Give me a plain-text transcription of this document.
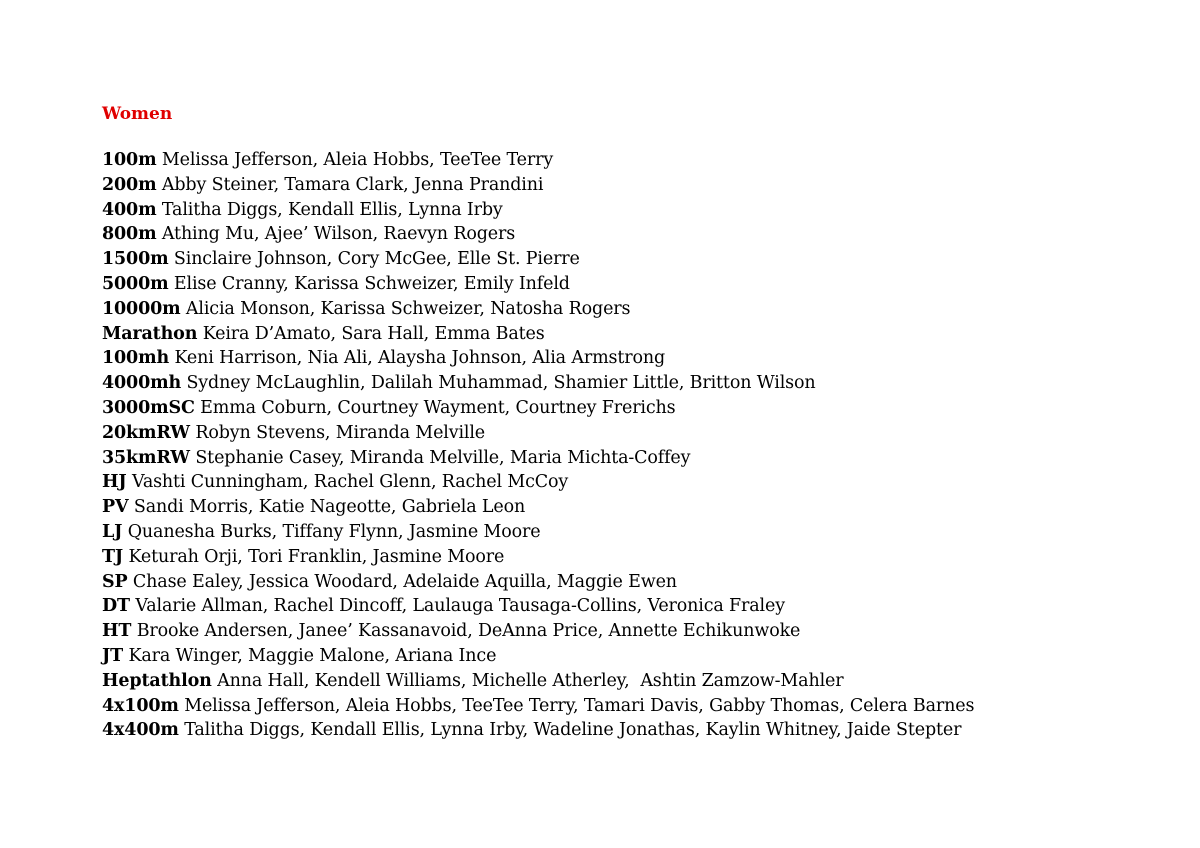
Women
100m Melissa Jefferson, Aleia Hobbs, TeeTee Terry
200m Abby Steiner, Tamara Clark, Jenna Prandini
400m Talitha Diggs, Kendall Ellis, Lynna Irby
800m Athing Mu, Ajee’ Wilson, Raevyn Rogers
1500m Sinclaire Johnson, Cory McGee, Elle St. Pierre
5000m Elise Cranny, Karissa Schweizer, Emily Infeld
10000m Alicia Monson, Karissa Schweizer, Natosha Rogers
Marathon Keira D’Amato, Sara Hall, Emma Bates
100mh Keni Harrison, Nia Ali, Alaysha Johnson, Alia Armstrong
4000mh Sydney McLaughlin, Dalilah Muhammad, Shamier Little, Britton Wilson
3000mSC Emma Coburn, Courtney Wayment, Courtney Frerichs
20kmRW Robyn Stevens, Miranda Melville
35kmRW Stephanie Casey, Miranda Melville, Maria Michta-Coffey
HJ Vashti Cunningham, Rachel Glenn, Rachel McCoy
PV Sandi Morris, Katie Nageotte, Gabriela Leon
LJ Quanesha Burks, Tiffany Flynn, Jasmine Moore
TJ Keturah Orji, Tori Franklin, Jasmine Moore
SP Chase Ealey, Jessica Woodard, Adelaide Aquilla, Maggie Ewen
DT Valarie Allman, Rachel Dincoff, Laulauga Tausaga-Collins, Veronica Fraley
HT Brooke Andersen, Janee’ Kassanavoid, DeAnna Price, Annette Echikunwoke
JT Kara Winger, Maggie Malone, Ariana Ince
Heptathlon Anna Hall, Kendell Williams, Michelle Atherley,  Ashtin Zamzow-Mahler
4x100m Melissa Jefferson, Aleia Hobbs, TeeTee Terry, Tamari Davis, Gabby Thomas, Celera Barnes
4x400m Talitha Diggs, Kendall Ellis, Lynna Irby, Wadeline Jonathas, Kaylin Whitney, Jaide Stepter
